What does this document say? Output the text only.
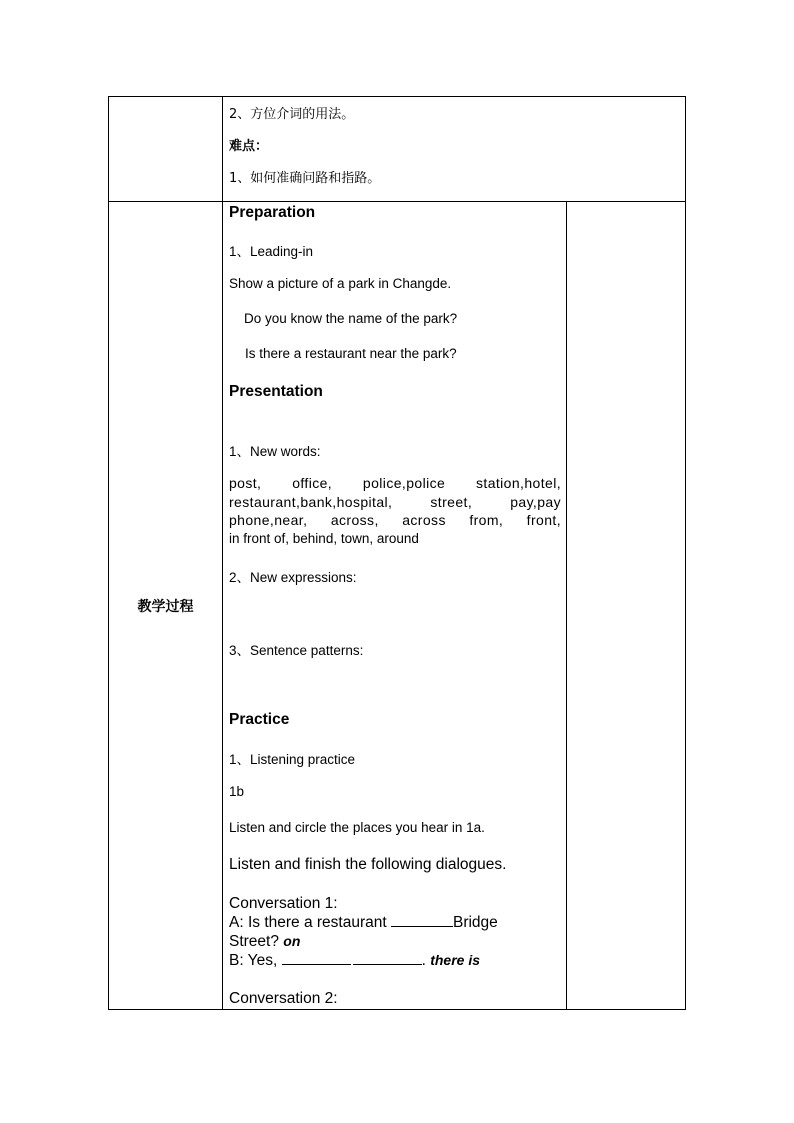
2、方位介词的用法。
难点：
1、如何准确问路和指路。
教学过程
Preparation
1、Leading-in
Show a picture of a park in Changde.
Do you know the name of the park?
Is there a restaurant near the park?
Presentation
1、New words:
post, office, police,police station,hotel,
restaurant,bank,hospital, street, pay,pay
phone,near, across, across from, front,
in front of, behind, town, around
2、New expressions:
3、Sentence patterns:
Practice
1、Listening practice
1b
Listen and circle the places you hear in 1a.
Listen and finish the following dialogues.
Conversation 1:
A: Is there a restaurant	Bridge
Street? on
B: Yes,	. there is
Conversation 2:
